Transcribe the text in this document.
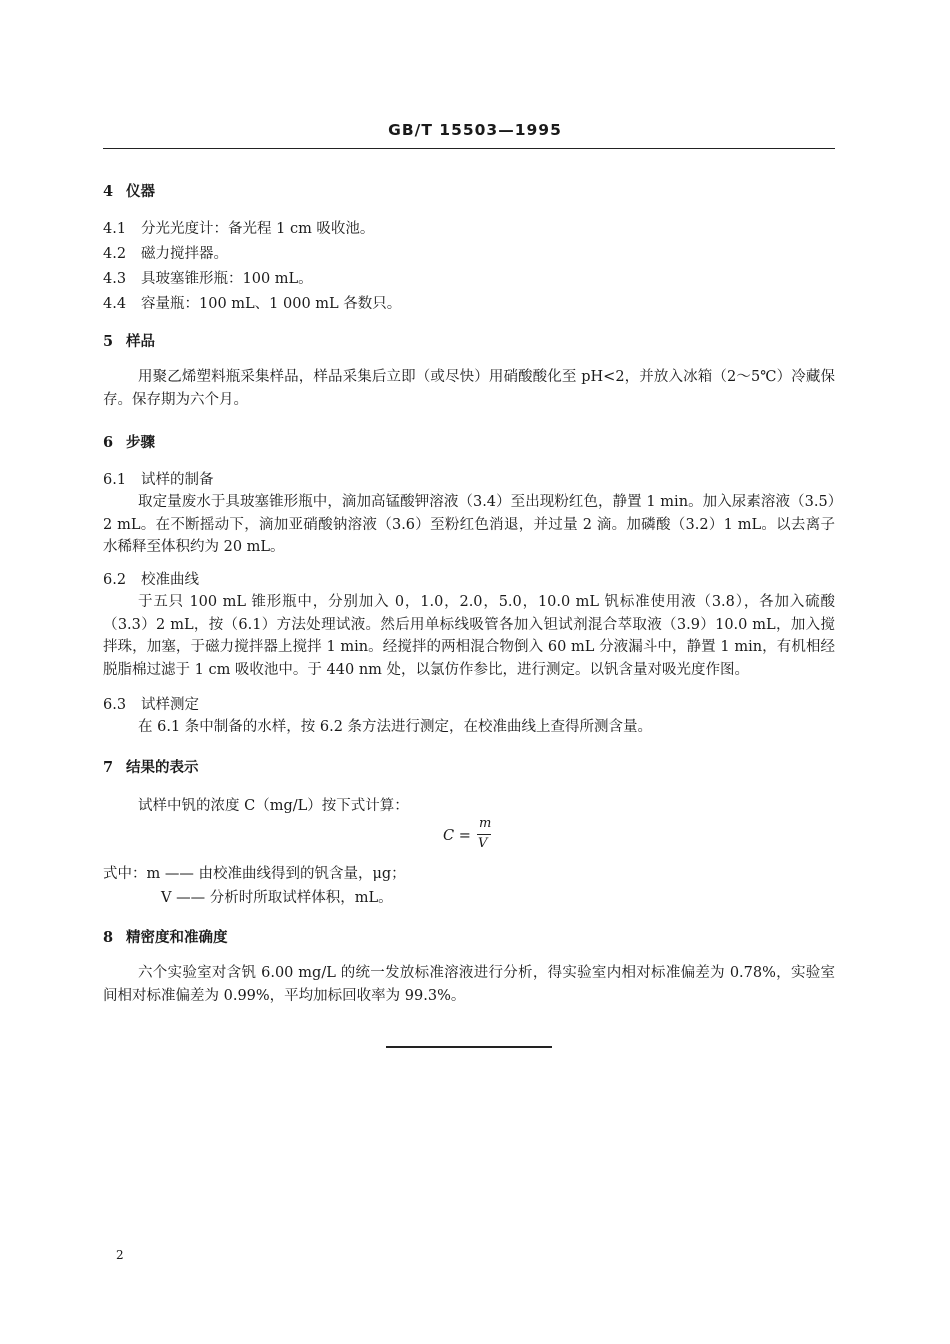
GB/T 15503—1995
4 仪器
4.1 分光光度计：备光程 1 cm 吸收池。
4.2 磁力搅拌器。
4.3 具玻塞锥形瓶：100 mL。
4.4 容量瓶：100 mL、1 000 mL 各数只。
5 样品
用聚乙烯塑料瓶采集样品，样品采集后立即（或尽快）用硝酸酸化至 pH<2，并放入冰箱（2～5℃）冷藏保存。保存期为六个月。
6 步骤
6.1 试样的制备
取定量废水于具玻塞锥形瓶中，滴加高锰酸钾溶液（3.4）至出现粉红色，静置 1 min。加入尿素溶液（3.5）2 mL。在不断摇动下，滴加亚硝酸钠溶液（3.6）至粉红色消退，并过量 2 滴。加磷酸（3.2）1 mL。以去离子水稀释至体积约为 20 mL。
6.2 校准曲线
于五只 100 mL 锥形瓶中，分别加入 0，1.0，2.0，5.0，10.0 mL 钒标准使用液（3.8），各加入硫酸（3.3）2 mL，按（6.1）方法处理试液。然后用单标线吸管各加入钽试剂混合萃取液（3.9）10.0 mL，加入搅拌珠，加塞，于磁力搅拌器上搅拌 1 min。经搅拌的两相混合物倒入 60 mL 分液漏斗中，静置 1 min，有机相经脱脂棉过滤于 1 cm 吸收池中。于 440 nm 处，以氯仿作参比，进行测定。以钒含量对吸光度作图。
6.3 试样测定
在 6.1 条中制备的水样，按 6.2 条方法进行测定，在校准曲线上查得所测含量。
7 结果的表示
试样中钒的浓度 C（mg/L）按下式计算：
C =
m
V
式中：m —— 由校准曲线得到的钒含量，μg；
V —— 分析时所取试样体积，mL。
8 精密度和准确度
六个实验室对含钒 6.00 mg/L 的统一发放标准溶液进行分析，得实验室内相对标准偏差为 0.78%，实验室间相对标准偏差为 0.99%，平均加标回收率为 99.3%。
2
